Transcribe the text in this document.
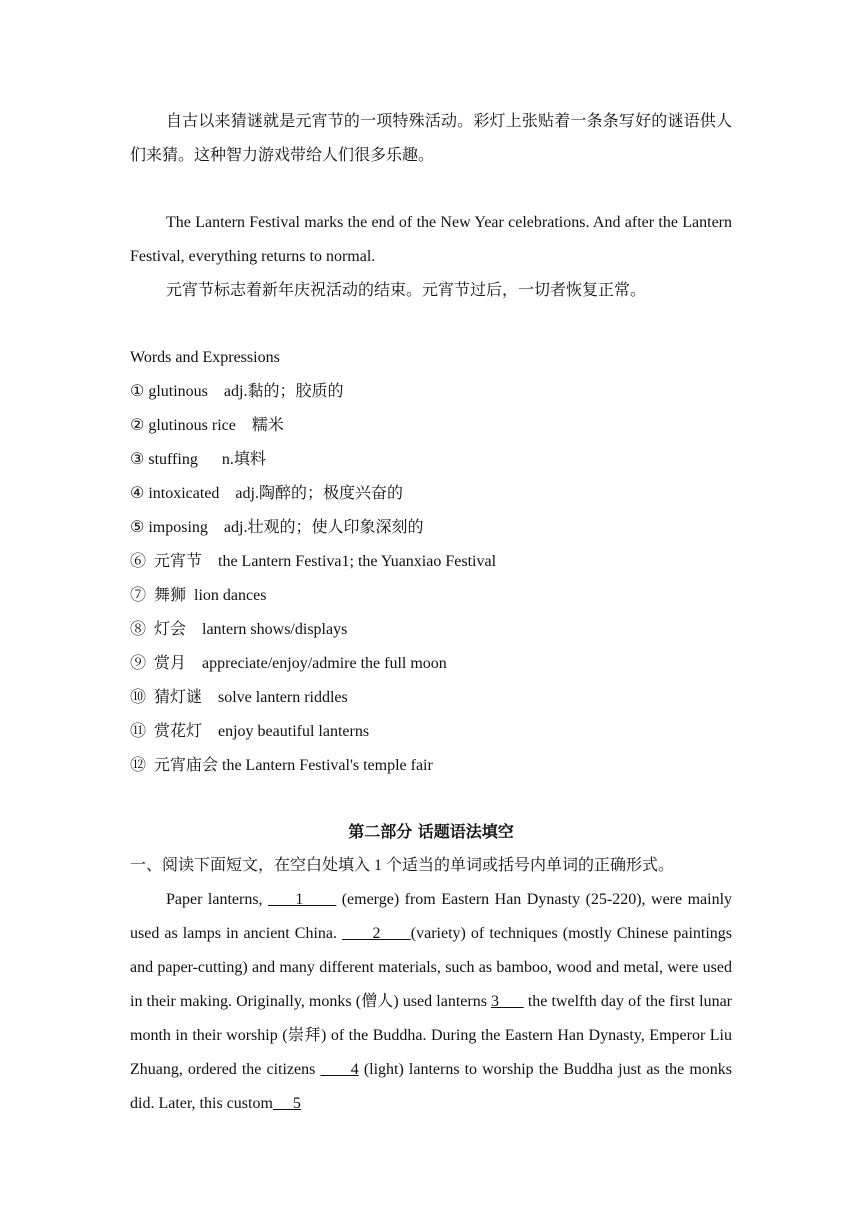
自古以来猜谜就是元宵节的一项特殊活动。彩灯上张贴着一条条写好的谜语供人们来猜。这种智力游戏带给人们很多乐趣。

The Lantern Festival marks the end of the New Year celebrations. And after the Lantern Festival, everything returns to normal.

元宵节标志着新年庆祝活动的结束。元宵节过后，一切者恢复正常。

Words and Expressions
① glutinous    adj.黏的；胶质的
② glutinous rice    糯米
③ stuffing      n.填料
④ intoxicated    adj.陶醉的；极度兴奋的
⑤ imposing    adj.壮观的；使人印象深刻的
⑥  元宵节    the Lantern Festiva1; the Yuanxiao Festival
⑦  舞狮  lion dances
⑧  灯会    lantern shows/displays
⑨  赏月    appreciate/enjoy/admire the full moon
⑩  猜灯谜    solve lantern riddles
⑪  赏花灯    enjoy beautiful lanterns
⑫  元宵庙会 the Lantern Festival's temple fair
第二部分 话题语法填空

一、阅读下面短文，在空白处填入 1 个适当的单词或括号内单词的正确形式。

Paper lanterns,      1       (emerge) from Eastern Han Dynasty (25-220), were mainly used as lamps in ancient China.       2      (variety) of techniques (mostly Chinese paintings and paper-cutting) and many different materials, such as bamboo, wood and metal, were used in their making. Originally, monks (僧人) used lanterns 3       the twelfth day of the first lunar month in their worship (崇拜) of the Buddha. During the Eastern Han Dynasty, Emperor Liu Zhuang, ordered the citizens       4 (light) lanterns to worship the Buddha just as the monks did. Later, this custom     5
